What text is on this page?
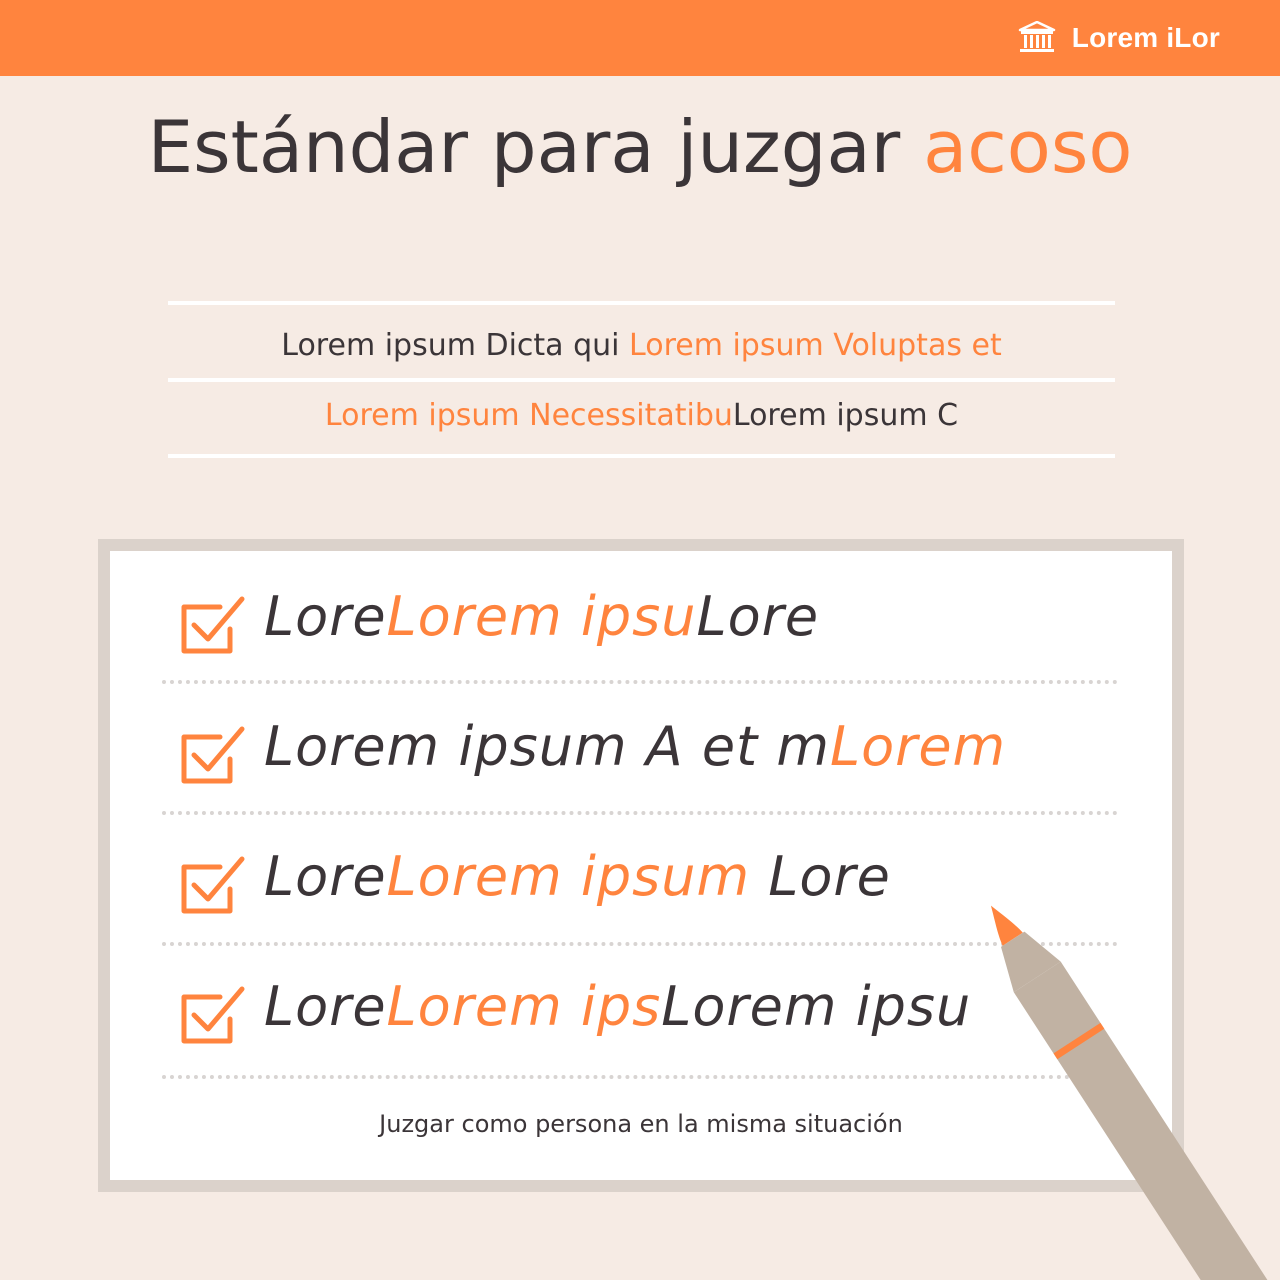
Lorem iLor
Estándar para juzgar acoso
Lorem ipsum Dicta qui Lorem ipsum Voluptas et
Lorem ipsum NecessitatibuLorem ipsum C
LoreLorem ipsuLore
Lorem ipsum A et mLorem
LoreLorem ipsum Lore
LoreLorem ipsLorem ipsu
Juzgar como persona en la misma situación
